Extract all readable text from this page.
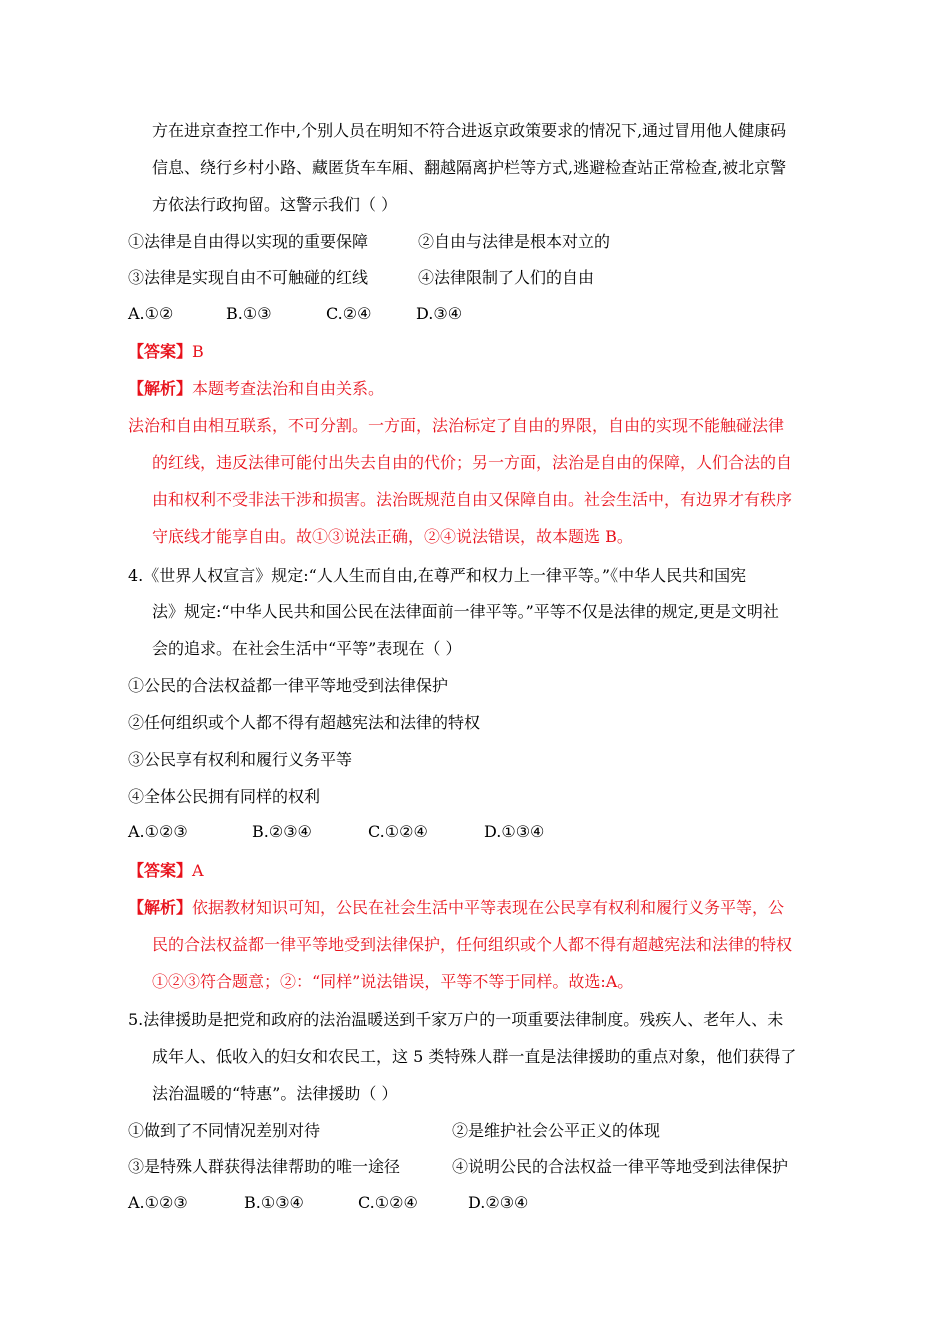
方在进京查控工作中,个别人员在明知不符合进返京政策要求的情况下,通过冒用他人健康码
信息、绕行乡村小路、藏匿货车车厢、翻越隔离护栏等方式,逃避检查站正常检查,被北京警
方依法行政拘留。这警示我们（ ）
①法律是自由得以实现的重要保障	②自由与法律是根本对立的
③法律是实现自由不可触碰的红线	④法律限制了人们的自由
A.①②	B.①③	C.②④	D.③④
【答案】B
【解析】本题考查法治和自由关系。
法治和自由相互联系，不可分割。一方面，法治标定了自由的界限，自由的实现不能触碰法律
的红线，违反法律可能付出失去自由的代价；另一方面，法治是自由的保障，人们合法的自
由和权利不受非法干涉和损害。法治既规范自由又保障自由。社会生活中，有边界才有秩序
守底线才能享自由。故①③说法正确，②④说法错误，故本题选 B。
4.《世界人权宣言》规定:“人人生而自由,在尊严和权力上一律平等。”《中华人民共和国宪
法》规定:“中华人民共和国公民在法律面前一律平等。”平等不仅是法律的规定,更是文明社
会的追求。在社会生活中“平等”表现在（ ）
①公民的合法权益都一律平等地受到法律保护
②任何组织或个人都不得有超越宪法和法律的特权
③公民享有权利和履行义务平等
④全体公民拥有同样的权利
A.①②③	B.②③④	C.①②④	D.①③④
【答案】A
【解析】依据教材知识可知，公民在社会生活中平等表现在公民享有权利和履行义务平等，公
民的合法权益都一律平等地受到法律保护，任何组织或个人都不得有超越宪法和法律的特权
①②③符合题意；②：“同样”说法错误，平等不等于同样。故选:A。
5.法律援助是把党和政府的法治温暖送到千家万户的一项重要法律制度。残疾人、老年人、未
成年人、低收入的妇女和农民工，这 5 类特殊人群一直是法律援助的重点对象，他们获得了
法治温暖的“特惠”。法律援助（ ）
①做到了不同情况差别对待	②是维护社会公平正义的体现
③是特殊人群获得法律帮助的唯一途径	④说明公民的合法权益一律平等地受到法律保护
A.①②③	B.①③④	C.①②④	D.②③④
